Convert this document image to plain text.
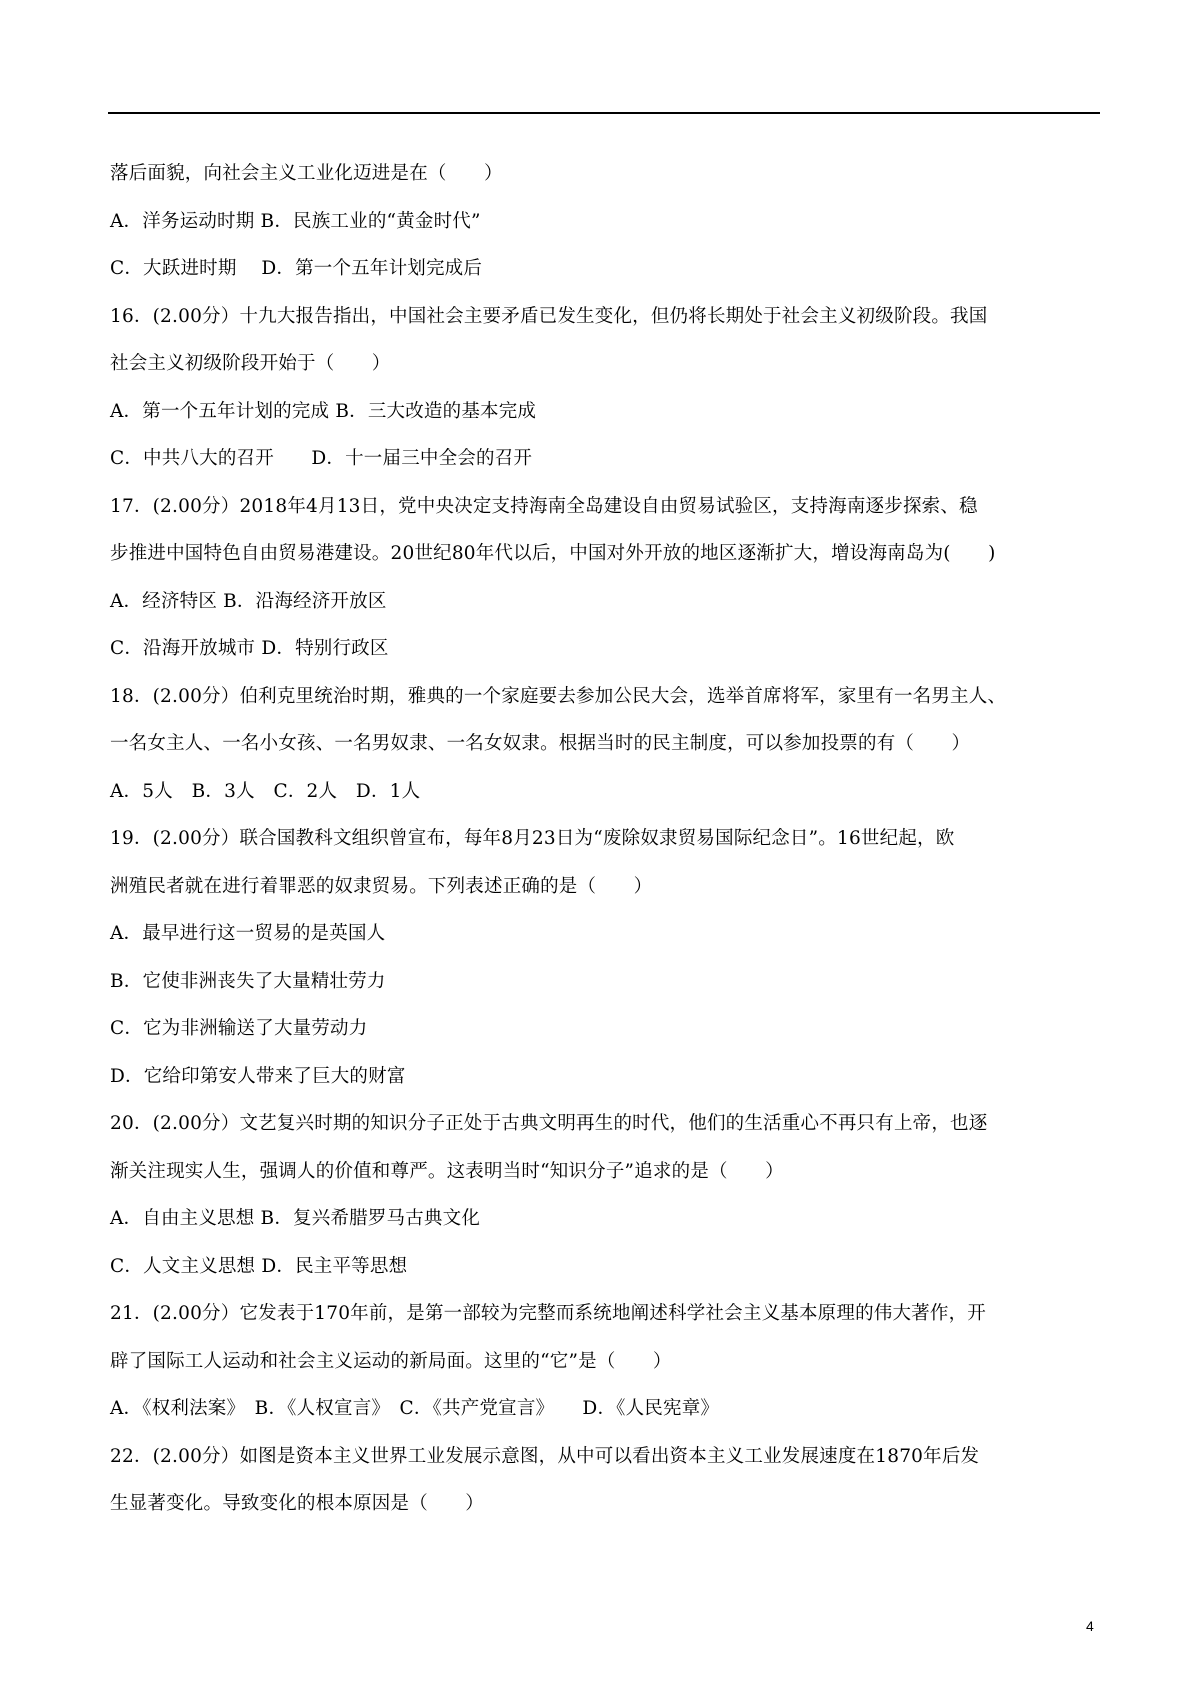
落后面貌，向社会主义工业化迈进是在（　　）
A．洋务运动时期 B．民族工业的“黄金时代”
C．大跃进时期　 D．第一个五年计划完成后
16．(2.00分）十九大报告指出，中国社会主要矛盾已发生变化，但仍将长期处于社会主义初级阶段。我国
社会主义初级阶段开始于（　　）
A．第一个五年计划的完成 B．三大改造的基本完成
C．中共八大的召开　　D．十一届三中全会的召开
17．(2.00分）2018年4月13日，党中央决定支持海南全岛建设自由贸易试验区，支持海南逐步探索、稳
步推进中国特色自由贸易港建设。20世纪80年代以后，中国对外开放的地区逐渐扩大，增设海南岛为(　　)
A．经济特区 B．沿海经济开放区
C．沿海开放城市 D．特别行政区
18．(2.00分）伯利克里统治时期，雅典的一个家庭要去参加公民大会，选举首席将军，家里有一名男主人、
一名女主人、一名小女孩、一名男奴隶、一名女奴隶。根据当时的民主制度，可以参加投票的有（　　）
A．5人　B．3人　C．2人　D．1人
19．(2.00分）联合国教科文组织曾宣布，每年8月23日为“废除奴隶贸易国际纪念日”。16世纪起，欧
洲殖民者就在进行着罪恶的奴隶贸易。下列表述正确的是（　　）
A．最早进行这一贸易的是英国人
B．它使非洲丧失了大量精壮劳力
C．它为非洲输送了大量劳动力
D．它给印第安人带来了巨大的财富
20．(2.00分）文艺复兴时期的知识分子正处于古典文明再生的时代，他们的生活重心不再只有上帝，也逐
渐关注现实人生，强调人的价值和尊严。这表明当时“知识分子”追求的是（　　）
A．自由主义思想 B．复兴希腊罗马古典文化
C．人文主义思想 D．民主平等思想
21．(2.00分）它发表于170年前，是第一部较为完整而系统地阐述科学社会主义基本原理的伟大著作，开
辟了国际工人运动和社会主义运动的新局面。这里的“它”是（　　）
A．《权利法案》　B．《人权宣言》　C．《共产党宣言》　　D．《人民宪章》
22．(2.00分）如图是资本主义世界工业发展示意图，从中可以看出资本主义工业发展速度在1870年后发
生显著变化。导致变化的根本原因是（　　）
4
